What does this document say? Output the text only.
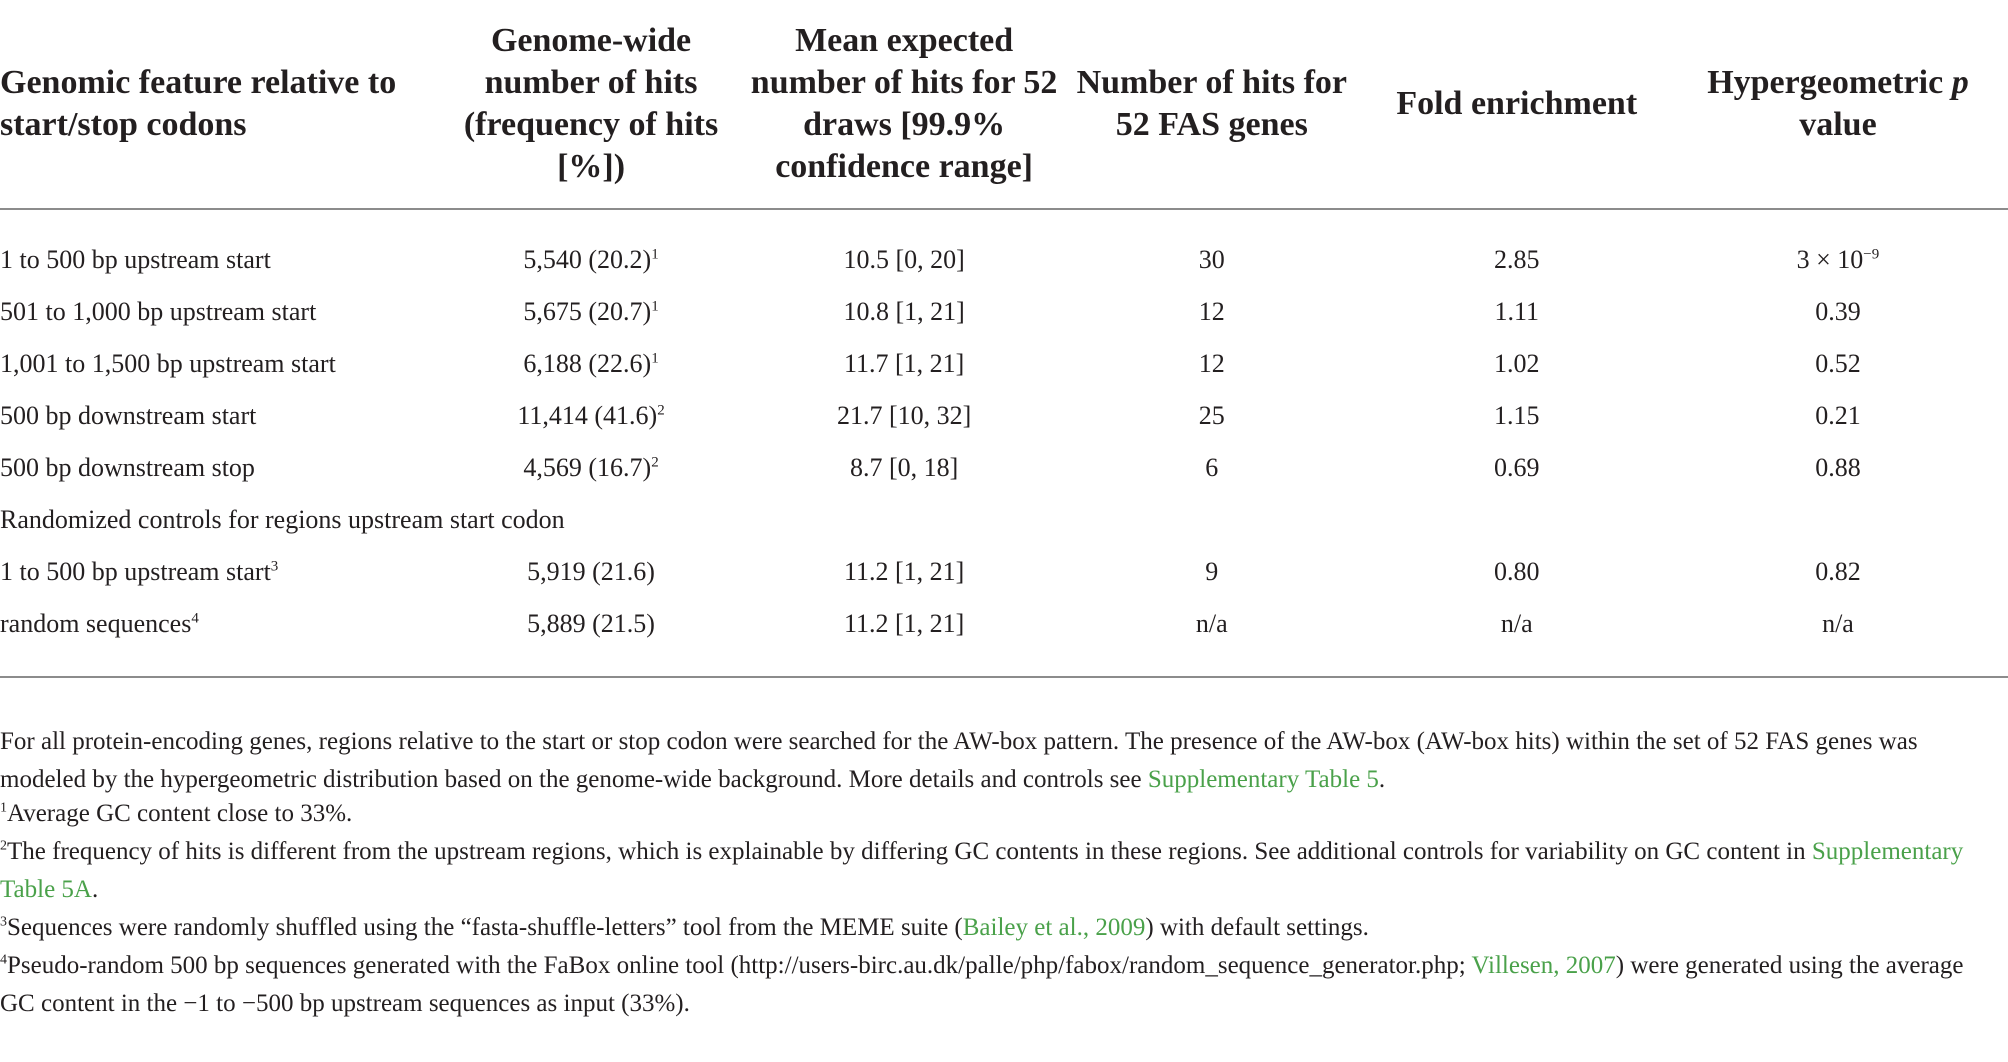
Genomic feature relative to start/stop codons	Genome-wide number of hits (frequency of hits [%])	Mean expected number of hits for 52 draws [99.9% confidence range]	Number of hits for 52 FAS genes	Fold enrichment	Hypergeometric p
value
1 to 500 bp upstream start	5,540 $(20.2)^1$	10.5 [0, 20]	30	2.85	$3 \times 10^{-9}$
501 to 1,000 bp upstream start	5,675 $(20.7)^1$	10.8 [1, 21]	12	1.11	0.39
1,001 to 1,500 bp upstream start	6,188 $(22.6)^1$	11.7 [1, 21]	12	1.02	0.52
500 bp downstream start	11,414 $(41.6)^2$	21.7 [10, 32]	25	1.15	0.21
500 bp downstream stop	4,569 $(16.7)^2$	8.7 [0, 18]	6	0.69	0.88
Randomized controls for regions upstream start codon					
1 to 500 bp upstream start$^3$	5,919 (21.6)	11.2 [1, 21]	9	0.80	0.82
random sequences$^4$	5,889 (21.5)	11.2 [1, 21]	n/a	n/a	n/a
For all protein-encoding genes, regions relative to the start or stop codon were searched for the AW-box pattern. The presence of the AW-box (AW-box hits) within the set of 52 FAS genes was modeled by the hypergeometric distribution based on the genome-wide background. More details and controls see Supplementary Table 5.
$^1$Average GC content close to 33%.
$^2$The frequency of hits is different from the upstream regions, which is explainable by differing GC contents in these regions. See additional controls for variability on GC content in Supplementary Table 5A.
$^3$Sequences were randomly shuffled using the “fasta-shuffle-letters” tool from the MEME suite (Bailey et al., 2009) with default settings.
$^4$Pseudo-random 500 bp sequences generated with the FaBox online tool (http://users-birc.au.dk/palle/php/fabox/random_sequence_generator.php; Villesen, 2007) were generated using the average GC content in the −1 to −500 bp upstream sequences as input (33%).
